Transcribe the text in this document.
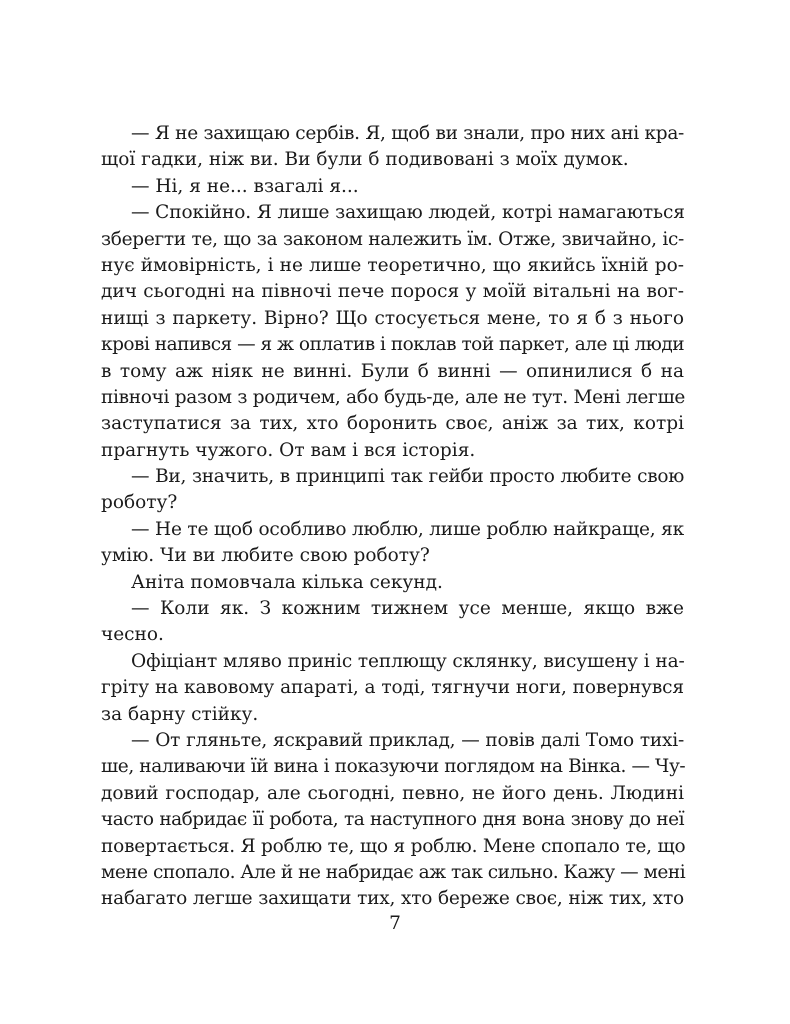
— Я не захищаю сербів. Я, щоб ви знали, про них ані кра-
щої гадки, ніж ви. Ви були б подивовані з моїх думок.
— Ні, я не... взагалі я...
— Спокійно. Я лише захищаю людей, котрі намагаються
зберегти те, що за законом належить їм. Отже, звичайно, іс-
нує ймовірність, і не лише теоретично, що якийсь їхній ро-
дич сьогодні на півночі пече порося у моїй вітальні на вог-
нищі з паркету. Вірно? Що стосується мене, то я б з нього
крові напився — я ж оплатив і поклав той паркет, але ці люди
в тому аж ніяк не винні. Були б винні — опинилися б на
півночі разом з родичем, або будь-де, але не тут. Мені легше
заступатися за тих, хто боронить своє, аніж за тих, котрі
прагнуть чужого. От вам і вся історія.
— Ви, значить, в принципі так гейби просто любите свою
роботу?
— Не те щоб особливо люблю, лише роблю найкраще, як
умію. Чи ви любите свою роботу?
Аніта помовчала кілька секунд.
— Коли як. З кожним тижнем усе менше, якщо вже
чесно.
Офіціант мляво приніс теплющу склянку, висушену і на-
гріту на кавовому апараті, а тоді, тягнучи ноги, повернувся
за барну стійку.
— От гляньте, яскравий приклад, — повів далі Томо тихі-
ше, наливаючи їй вина і показуючи поглядом на Вінка. — Чу-
довий господар, але сьогодні, певно, не його день. Людині
часто набридає її робота, та наступного дня вона знову до неї
повертається. Я роблю те, що я роблю. Мене спопало те, що
мене спопало. Але й не набридає аж так сильно. Кажу — мені
набагато легше захищати тих, хто береже своє, ніж тих, хто
7
